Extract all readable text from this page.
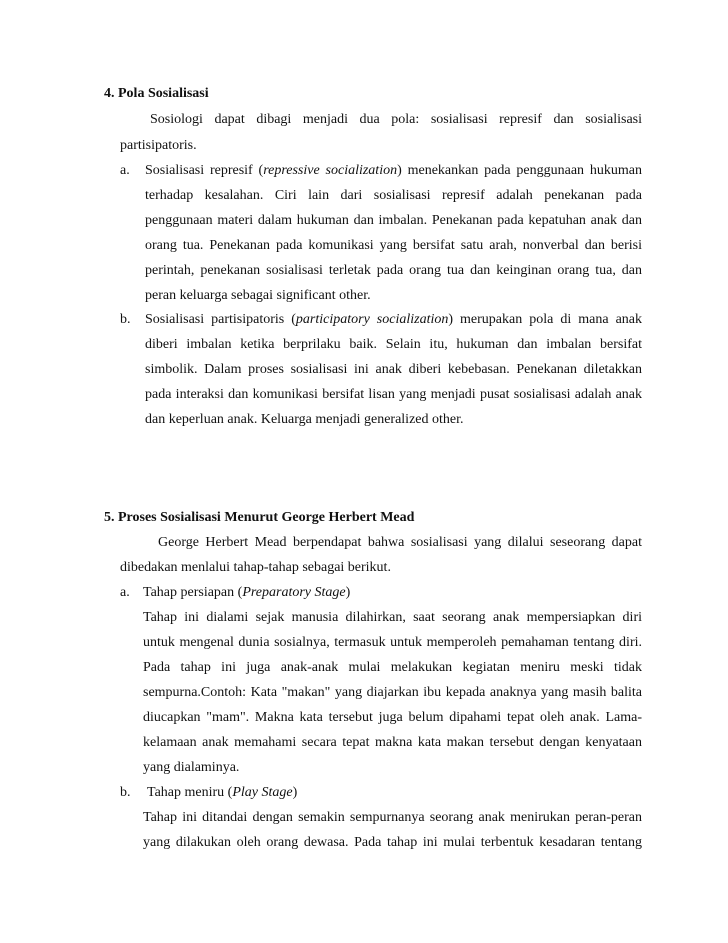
4. Pola Sosialisasi
Sosiologi dapat dibagi menjadi dua pola: sosialisasi represif dan sosialisasi
partisipatoris.
a. Sosialisasi represif (repressive socialization) menekankan pada penggunaan hukuman
terhadap kesalahan. Ciri lain dari sosialisasi represif adalah penekanan pada
penggunaan materi dalam hukuman dan imbalan. Penekanan pada kepatuhan anak dan
orang tua. Penekanan pada komunikasi yang bersifat satu arah, nonverbal dan berisi
perintah, penekanan sosialisasi terletak pada orang tua dan keinginan orang tua, dan
peran keluarga sebagai significant other.
b. Sosialisasi partisipatoris (participatory socialization) merupakan pola di mana anak
diberi imbalan ketika berprilaku baik. Selain itu, hukuman dan imbalan bersifat
simbolik. Dalam proses sosialisasi ini anak diberi kebebasan. Penekanan diletakkan
pada interaksi dan komunikasi bersifat lisan yang menjadi pusat sosialisasi adalah anak
dan keperluan anak. Keluarga menjadi generalized other.
5. Proses Sosialisasi Menurut George Herbert Mead
George Herbert Mead berpendapat bahwa sosialisasi yang dilalui seseorang dapat
dibedakan menlalui tahap-tahap sebagai berikut.
a. Tahap persiapan (Preparatory Stage)
Tahap ini dialami sejak manusia dilahirkan, saat seorang anak mempersiapkan diri
untuk mengenal dunia sosialnya, termasuk untuk memperoleh pemahaman tentang diri.
Pada tahap ini juga anak-anak mulai melakukan kegiatan meniru meski tidak
sempurna.Contoh: Kata "makan" yang diajarkan ibu kepada anaknya yang masih balita
diucapkan "mam". Makna kata tersebut juga belum dipahami tepat oleh anak. Lama-
kelamaan anak memahami secara tepat makna kata makan tersebut dengan kenyataan
yang dialaminya.
b. Tahap meniru (Play Stage)
Tahap ini ditandai dengan semakin sempurnanya seorang anak menirukan peran-peran
yang dilakukan oleh orang dewasa. Pada tahap ini mulai terbentuk kesadaran tentang
